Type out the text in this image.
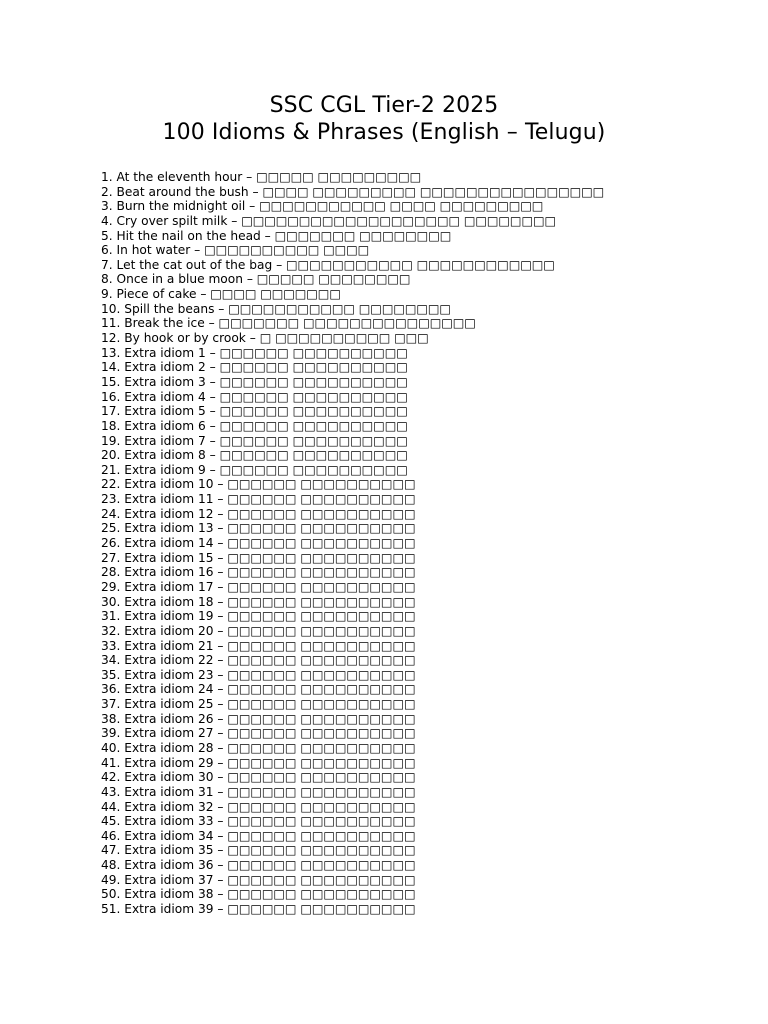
SSC CGL Tier-2 2025
100 Idioms & Phrases (English – Telugu)
1. At the eleventh hour – □□□□□ □□□□□□□□□
2. Beat around the bush – □□□□ □□□□□□□□□ □□□□□□□□□□□□□□□□
3. Burn the midnight oil – □□□□□□□□□□□ □□□□ □□□□□□□□□
4. Cry over spilt milk – □□□□□□□□□□□□□□□□□□□ □□□□□□□□
5. Hit the nail on the head – □□□□□□□ □□□□□□□□
6. In hot water – □□□□□□□□□□ □□□□
7. Let the cat out of the bag – □□□□□□□□□□□ □□□□□□□□□□□□
8. Once in a blue moon – □□□□□ □□□□□□□□
9. Piece of cake – □□□□ □□□□□□□
10. Spill the beans – □□□□□□□□□□□ □□□□□□□□
11. Break the ice – □□□□□□□ □□□□□□□□□□□□□□□
12. By hook or by crook – □ □□□□□□□□□□ □□□
13. Extra idiom 1 – □□□□□□ □□□□□□□□□□
14. Extra idiom 2 – □□□□□□ □□□□□□□□□□
15. Extra idiom 3 – □□□□□□ □□□□□□□□□□
16. Extra idiom 4 – □□□□□□ □□□□□□□□□□
17. Extra idiom 5 – □□□□□□ □□□□□□□□□□
18. Extra idiom 6 – □□□□□□ □□□□□□□□□□
19. Extra idiom 7 – □□□□□□ □□□□□□□□□□
20. Extra idiom 8 – □□□□□□ □□□□□□□□□□
21. Extra idiom 9 – □□□□□□ □□□□□□□□□□
22. Extra idiom 10 – □□□□□□ □□□□□□□□□□
23. Extra idiom 11 – □□□□□□ □□□□□□□□□□
24. Extra idiom 12 – □□□□□□ □□□□□□□□□□
25. Extra idiom 13 – □□□□□□ □□□□□□□□□□
26. Extra idiom 14 – □□□□□□ □□□□□□□□□□
27. Extra idiom 15 – □□□□□□ □□□□□□□□□□
28. Extra idiom 16 – □□□□□□ □□□□□□□□□□
29. Extra idiom 17 – □□□□□□ □□□□□□□□□□
30. Extra idiom 18 – □□□□□□ □□□□□□□□□□
31. Extra idiom 19 – □□□□□□ □□□□□□□□□□
32. Extra idiom 20 – □□□□□□ □□□□□□□□□□
33. Extra idiom 21 – □□□□□□ □□□□□□□□□□
34. Extra idiom 22 – □□□□□□ □□□□□□□□□□
35. Extra idiom 23 – □□□□□□ □□□□□□□□□□
36. Extra idiom 24 – □□□□□□ □□□□□□□□□□
37. Extra idiom 25 – □□□□□□ □□□□□□□□□□
38. Extra idiom 26 – □□□□□□ □□□□□□□□□□
39. Extra idiom 27 – □□□□□□ □□□□□□□□□□
40. Extra idiom 28 – □□□□□□ □□□□□□□□□□
41. Extra idiom 29 – □□□□□□ □□□□□□□□□□
42. Extra idiom 30 – □□□□□□ □□□□□□□□□□
43. Extra idiom 31 – □□□□□□ □□□□□□□□□□
44. Extra idiom 32 – □□□□□□ □□□□□□□□□□
45. Extra idiom 33 – □□□□□□ □□□□□□□□□□
46. Extra idiom 34 – □□□□□□ □□□□□□□□□□
47. Extra idiom 35 – □□□□□□ □□□□□□□□□□
48. Extra idiom 36 – □□□□□□ □□□□□□□□□□
49. Extra idiom 37 – □□□□□□ □□□□□□□□□□
50. Extra idiom 38 – □□□□□□ □□□□□□□□□□
51. Extra idiom 39 – □□□□□□ □□□□□□□□□□
